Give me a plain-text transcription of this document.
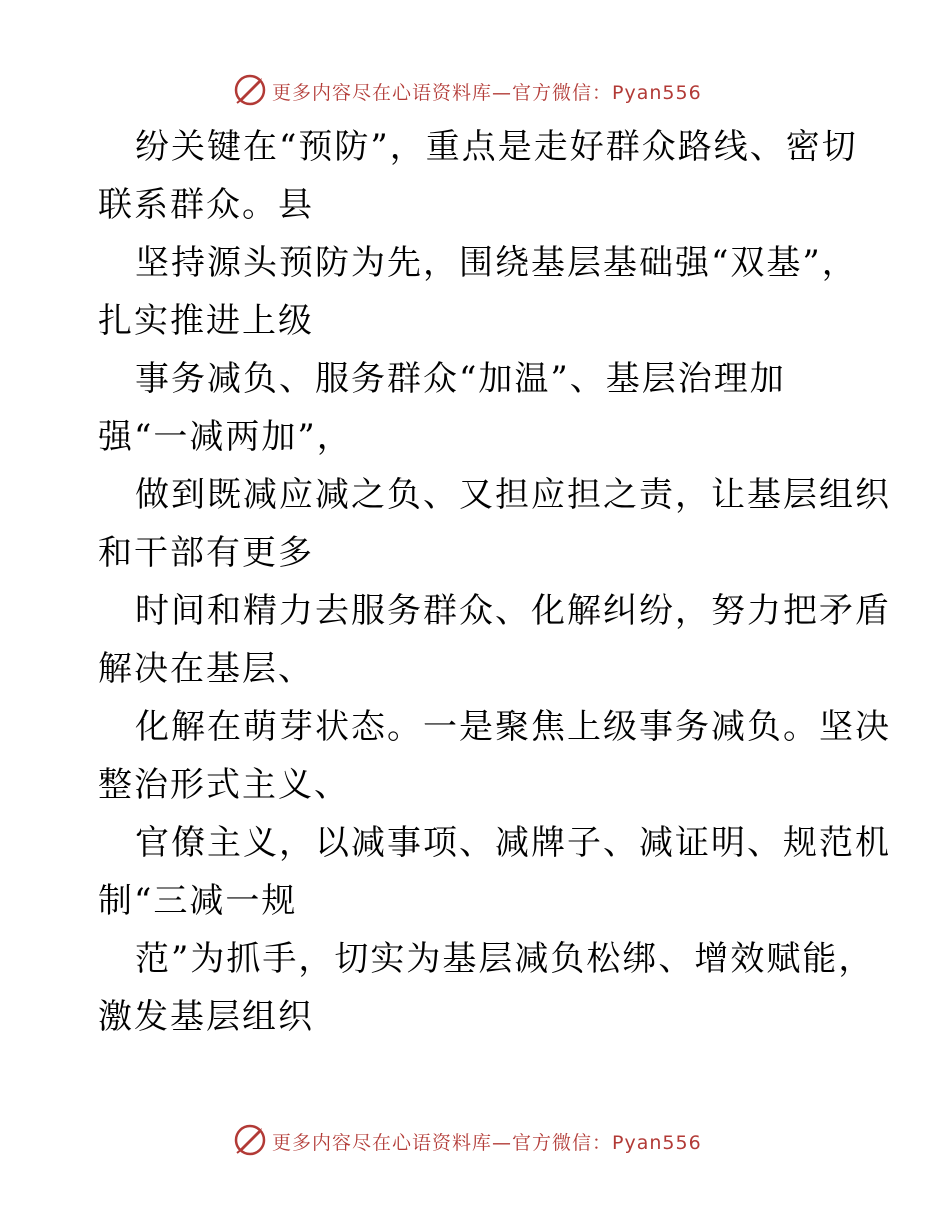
更多内容尽在心语资料库—官方微信：Pyan556

纷关键在“预防”，重点是走好群众路线、密切
联系群众。县

坚持源头预防为先，围绕基层基础强“双基”，
扎实推进上级

事务减负、服务群众“加温”、基层治理加
强“一减两加”，

做到既减应减之负、又担应担之责，让基层组织
和干部有更多

时间和精力去服务群众、化解纠纷，努力把矛盾
解决在基层、

化解在萌芽状态。一是聚焦上级事务减负。坚决
整治形式主义、

官僚主义，以减事项、减牌子、减证明、规范机
制“三减一规

范”为抓手，切实为基层减负松绑、增效赋能，
激发基层组织

更多内容尽在心语资料库—官方微信：Pyan556
